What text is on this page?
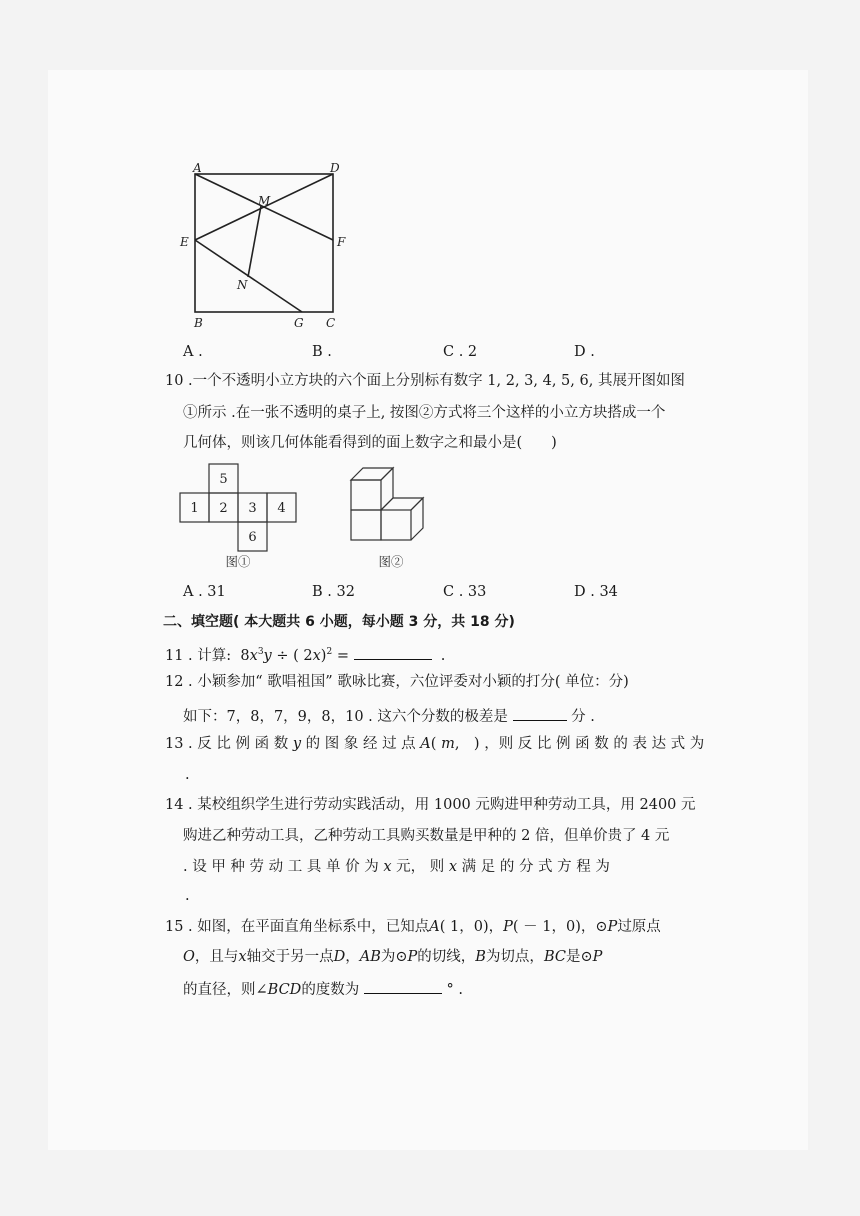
A	D
M
E	F
N
B	G C
A .	B .	C . 2	D .
10 .一个不透明小立方块的六个面上分别标有数字 1, 2, 3, 4, 5, 6, 其展开图如图
①所示 .在一张不透明的桌子上, 按图②方式将三个这样的小立方块搭成一个
几何体，则该几何体能看得到的面上数字之和最小是(　　)
5
1 2 3 4
6
图①	图②
A . 31	B . 32	C . 33	D . 34
二、填空题( 本大题共 6 小题，每小题 3 分，共 18 分)
11 . 计算: $8x^3y$ ÷ ( 2x)$^2$ =	.
12 . 小颖参加“ 歌唱祖国” 歌咏比赛，六位评委对小颖的打分( 单位：分)
如下：7，8，7，9，8，10 . 这六个分数的极差是	分 .
13 . 反 比 例 函 数 y 的 图 象 经 过 点 A( m,　) ，则 反 比 例 函 数 的 表 达 式 为
.
14 . 某校组织学生进行劳动实践活动，用 1000 元购进甲种劳动工具，用 2400 元
购进乙种劳动工具，乙种劳动工具购买数量是甲种的 2 倍，但单价贵了 4 元
. 设 甲 种 劳 动 工 具 单 价 为 x 元， 则 x 满 足 的 分 式 方 程 为
.
15 . 如图，在平面直角坐标系中，已知点A( 1，0)，P( － 1，0)，⊙P过原点
O，且与x轴交于另一点D，AB为⊙P的切线，B为切点，BC是⊙P
的直径，则∠BCD的度数为	° .
